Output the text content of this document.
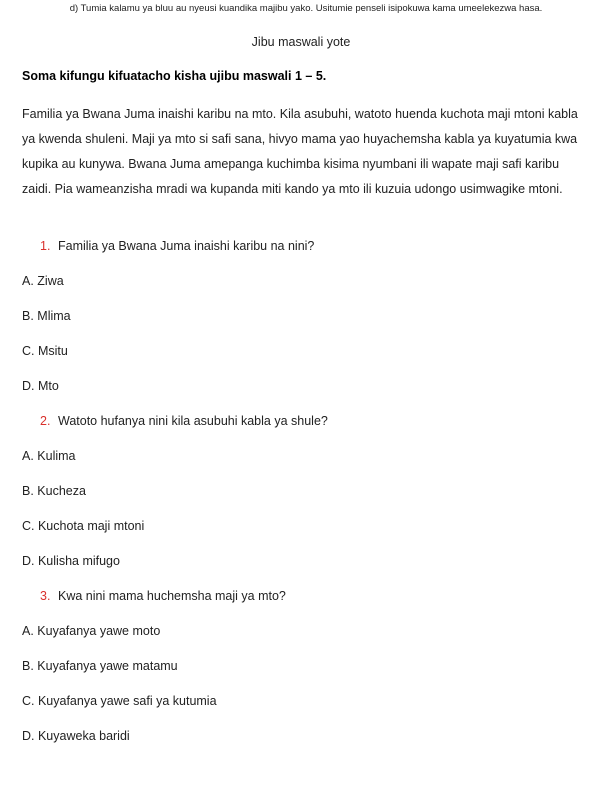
d) Tumia kalamu ya bluu au nyeusi kuandika majibu yako. Usitumie penseli isipokuwa kama umeelekezwa hasa.
Jibu maswali yote
Soma kifungu kifuatacho kisha ujibu maswali 1 – 5.

Familia ya Bwana Juma inaishi karibu na mto. Kila asubuhi, watoto huenda kuchota maji mtoni kabla ya kwenda shuleni. Maji ya mto si safi sana, hivyo mama yao huyachemsha kabla ya kuyatumia kwa kupika au kunywa. Bwana Juma amepanga kuchimba kisima nyumbani ili wapate maji safi karibu zaidi. Pia wameanzisha mradi wa kupanda miti kando ya mto ili kuzuia udongo usimwagike mtoni.

1. Familia ya Bwana Juma inaishi karibu na nini?
A. Ziwa
B. Mlima
C. Msitu
D. Mto
2. Watoto hufanya nini kila asubuhi kabla ya shule?
A. Kulima
B. Kucheza
C. Kuchota maji mtoni
D. Kulisha mifugo
3. Kwa nini mama huchemsha maji ya mto?
A. Kuyafanya yawe moto
B. Kuyafanya yawe matamu
C. Kuyafanya yawe safi ya kutumia
D. Kuyaweka baridi
